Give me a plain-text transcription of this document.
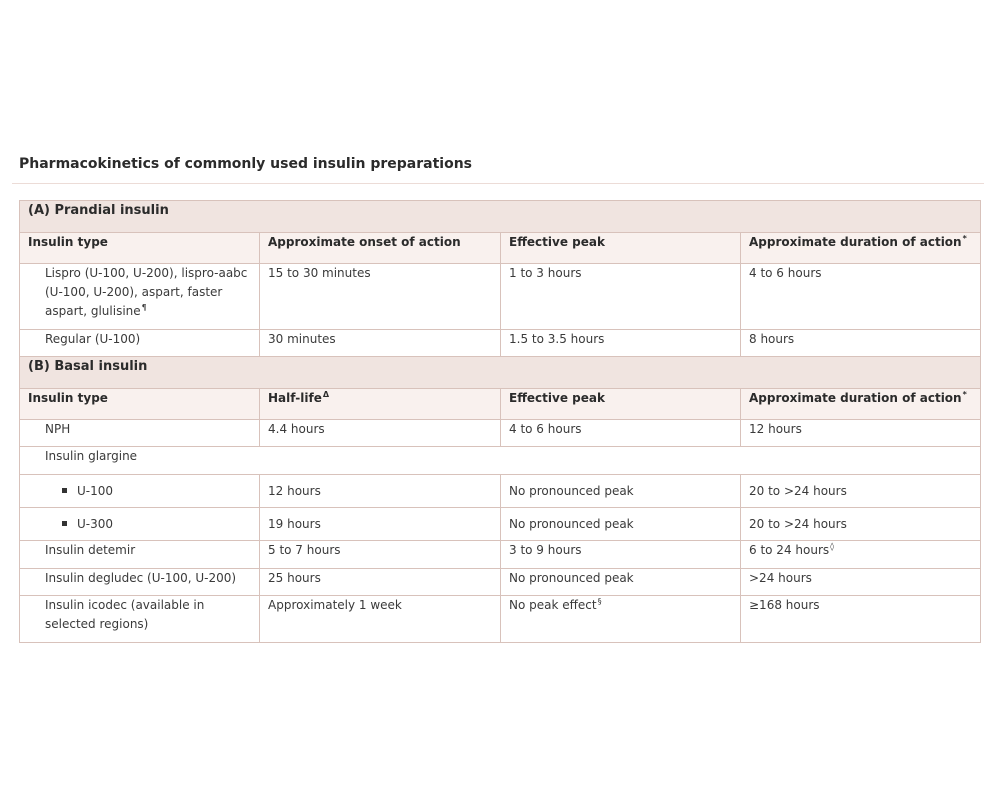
Pharmacokinetics of commonly used insulin preparations
(A) Prandial insulin			
Insulin type	Approximate onset of action	Effective peak	Approximate duration of action*
Lispro (U-100, U-200), lispro-aabc (U-100, U-200), aspart, faster aspart, glulisine¶	15 to 30 minutes	1 to 3 hours	4 to 6 hours
Regular (U-100)	30 minutes	1.5 to 3.5 hours	8 hours
(B) Basal insulin			
Insulin type	Half-life$^\Delta$	Effective peak	Approximate duration of action*
NPH	4.4 hours	4 to 6 hours	12 hours
Insulin glargine			
U-100	12 hours	No pronounced peak	20 to >24 hours
U-300	19 hours	No pronounced peak	20 to >24 hours
Insulin detemir	5 to 7 hours	3 to 9 hours	6 to 24 hours◊
Insulin degludec (U-100, U-200)	25 hours	No pronounced peak	>24 hours
Insulin icodec (available in selected regions)	Approximately 1 week	No peak effect§	≥168 hours
